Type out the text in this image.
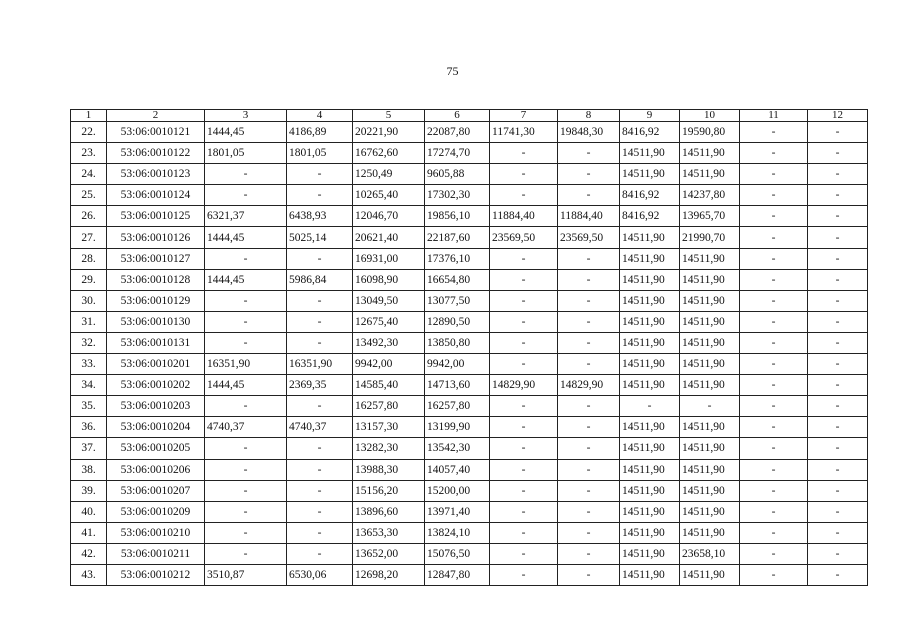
75
1	2	3	4	5	6	7	8	9	10	11	12
22.	53:06:0010121	1444,45	4186,89	20221,90	22087,80	11741,30	19848,30	8416,92	19590,80	-	-
23.	53:06:0010122	1801,05	1801,05	16762,60	17274,70	-	-	14511,90	14511,90	-	-
24.	53:06:0010123	-	-	1250,49	9605,88	-	-	14511,90	14511,90	-	-
25.	53:06:0010124	-	-	10265,40	17302,30	-	-	8416,92	14237,80	-	-
26.	53:06:0010125	6321,37	6438,93	12046,70	19856,10	11884,40	11884,40	8416,92	13965,70	-	-
27.	53:06:0010126	1444,45	5025,14	20621,40	22187,60	23569,50	23569,50	14511,90	21990,70	-	-
28.	53:06:0010127	-	-	16931,00	17376,10	-	-	14511,90	14511,90	-	-
29.	53:06:0010128	1444,45	5986,84	16098,90	16654,80	-	-	14511,90	14511,90	-	-
30.	53:06:0010129	-	-	13049,50	13077,50	-	-	14511,90	14511,90	-	-
31.	53:06:0010130	-	-	12675,40	12890,50	-	-	14511,90	14511,90	-	-
32.	53:06:0010131	-	-	13492,30	13850,80	-	-	14511,90	14511,90	-	-
33.	53:06:0010201	16351,90	16351,90	9942,00	9942,00	-	-	14511,90	14511,90	-	-
34.	53:06:0010202	1444,45	2369,35	14585,40	14713,60	14829,90	14829,90	14511,90	14511,90	-	-
35.	53:06:0010203	-	-	16257,80	16257,80	-	-	-	-	-	-
36.	53:06:0010204	4740,37	4740,37	13157,30	13199,90	-	-	14511,90	14511,90	-	-
37.	53:06:0010205	-	-	13282,30	13542,30	-	-	14511,90	14511,90	-	-
38.	53:06:0010206	-	-	13988,30	14057,40	-	-	14511,90	14511,90	-	-
39.	53:06:0010207	-	-	15156,20	15200,00	-	-	14511,90	14511,90	-	-
40.	53:06:0010209	-	-	13896,60	13971,40	-	-	14511,90	14511,90	-	-
41.	53:06:0010210	-	-	13653,30	13824,10	-	-	14511,90	14511,90	-	-
42.	53:06:0010211	-	-	13652,00	15076,50	-	-	14511,90	23658,10	-	-
43.	53:06:0010212	3510,87	6530,06	12698,20	12847,80	-	-	14511,90	14511,90	-	-
